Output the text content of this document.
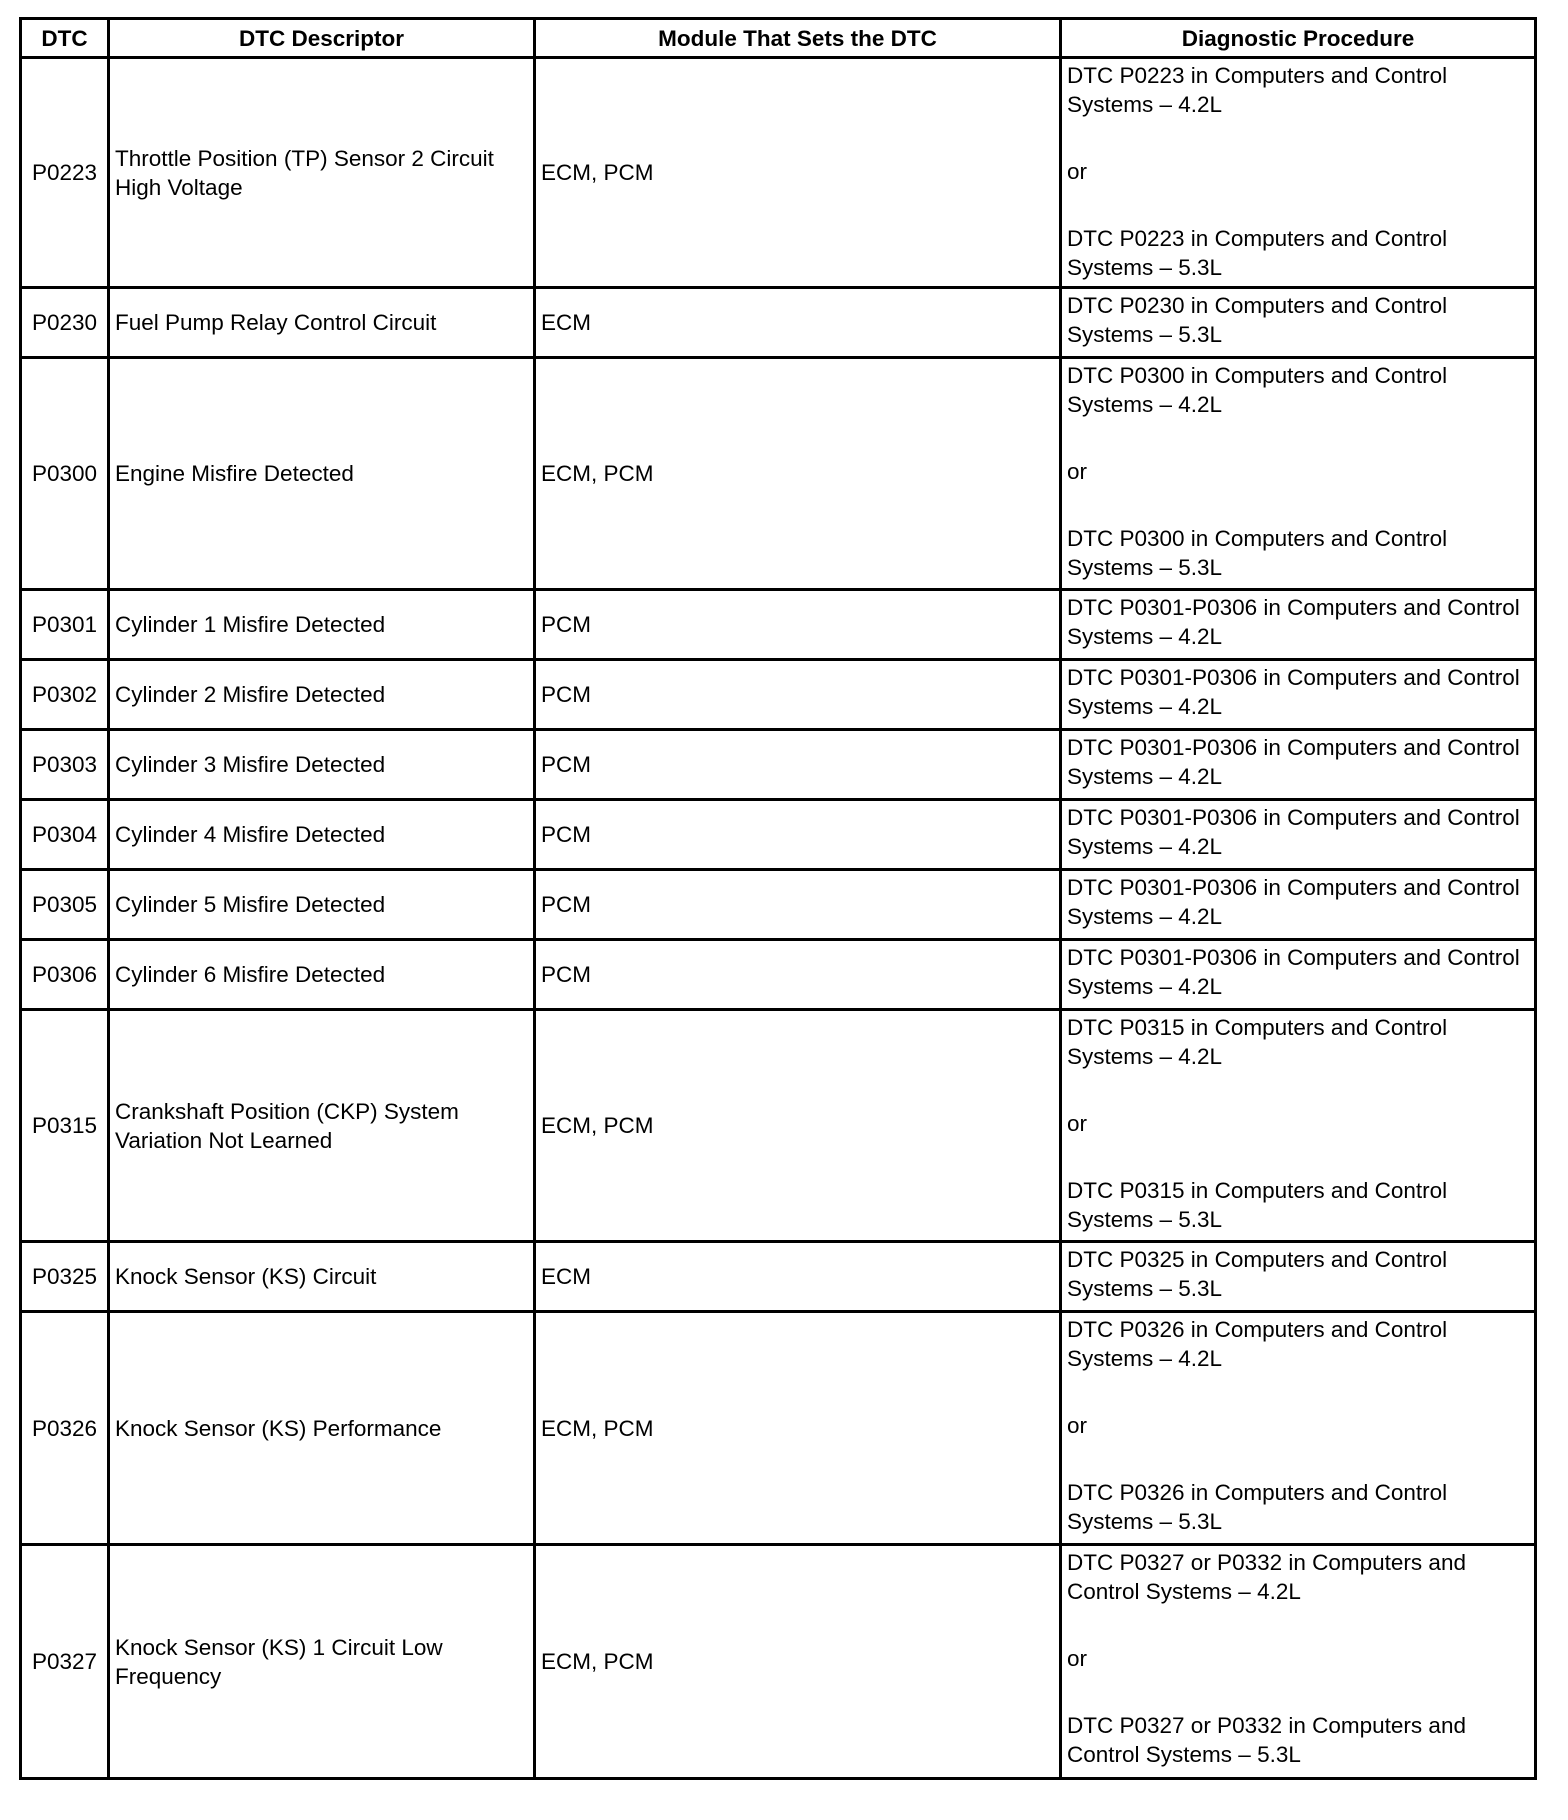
DTC	DTC Descriptor	Module That Sets the DTC	Diagnostic Procedure
P0223	Throttle Position (TP) Sensor 2 Circuit High Voltage	ECM, PCM	DTC P0223 in Computers and Control Systems – 4.2L
or
DTC P0223 in Computers and Control Systems – 5.3L

P0230	Fuel Pump Relay Control Circuit	ECM	DTC P0230 in Computers and Control Systems – 5.3L

P0300	Engine Misfire Detected	ECM, PCM	DTC P0300 in Computers and Control Systems – 4.2L
or
DTC P0300 in Computers and Control Systems – 5.3L

P0301	Cylinder 1 Misfire Detected	PCM	DTC P0301-P0306 in Computers and Control Systems – 4.2L

P0302	Cylinder 2 Misfire Detected	PCM	DTC P0301-P0306 in Computers and Control Systems – 4.2L

P0303	Cylinder 3 Misfire Detected	PCM	DTC P0301-P0306 in Computers and Control Systems – 4.2L

P0304	Cylinder 4 Misfire Detected	PCM	DTC P0301-P0306 in Computers and Control Systems – 4.2L

P0305	Cylinder 5 Misfire Detected	PCM	DTC P0301-P0306 in Computers and Control Systems – 4.2L

P0306	Cylinder 6 Misfire Detected	PCM	DTC P0301-P0306 in Computers and Control Systems – 4.2L

P0315	Crankshaft Position (CKP) System Variation Not Learned	ECM, PCM	DTC P0315 in Computers and Control Systems – 4.2L
or
DTC P0315 in Computers and Control Systems – 5.3L

P0325	Knock Sensor (KS) Circuit	ECM	DTC P0325 in Computers and Control Systems – 5.3L

P0326	Knock Sensor (KS) Performance	ECM, PCM	DTC P0326 in Computers and Control Systems – 4.2L
or
DTC P0326 in Computers and Control Systems – 5.3L

P0327	Knock Sensor (KS) 1 Circuit Low Frequency	ECM, PCM	DTC P0327 or P0332 in Computers and Control Systems – 4.2L
or
DTC P0327 or P0332 in Computers and Control Systems – 5.3L
